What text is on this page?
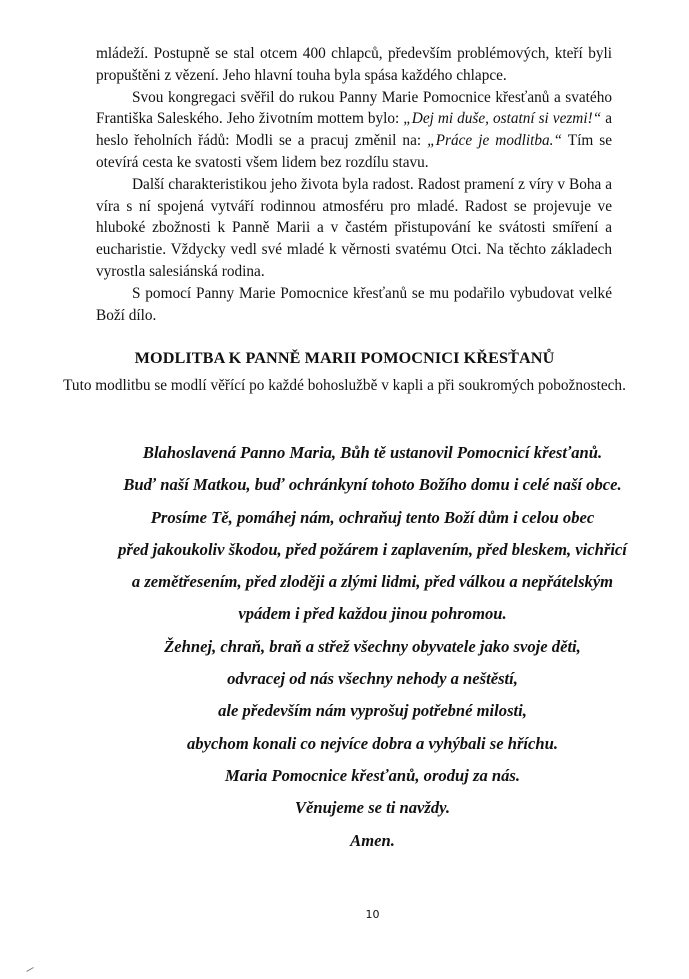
mládeží. Postupně se stal otcem 400 chlapců, především problémových, kteří byli propuštěni z vězení. Jeho hlavní touha byla spása každého chlapce.

Svou kongregaci svěřil do rukou Panny Marie Pomocnice křesťanů a svatého Františka Saleského. Jeho životním mottem bylo: „Dej mi duše, ostatní si vezmi!“ a heslo řeholních řádů: Modli se a pracuj změnil na: „Práce je modlitba.“ Tím se otevírá cesta ke svatosti všem lidem bez rozdílu stavu.

Další charakteristikou jeho života byla radost. Radost pramení z víry v Boha a víra s ní spojená vytváří rodinnou atmosféru pro mladé. Radost se projevuje ve hluboké zbožnosti k Panně Marii a v častém přistupování ke svátosti smíření a eucharistie. Vždycky vedl své mladé k věrnosti svatému Otci. Na těchto základech vyrostla salesiánská rodina.

S pomocí Panny Marie Pomocnice křesťanů se mu podařilo vybudovat velké Boží dílo.

MODLITBA K PANNĚ MARII POMOCNICI KŘESŤANŮ
Tuto modlitbu se modlí věřící po každé bohoslužbě v kapli a při soukromých pobožnostech.
Blahoslavená Panno Maria, Bůh tě ustanovil Pomocnicí křesťanů.
Buď naší Matkou, buď ochránkyní tohoto Božího domu i celé naší obce.
Prosíme Tě, pomáhej nám, ochraňuj tento Boží dům i celou obec
před jakoukoliv škodou, před požárem i zaplavením, před bleskem, vichřicí
a zemětřesením, před zloději a zlými lidmi, před válkou a nepřátelským
vpádem i před každou jinou pohromou.
Žehnej, chraň, braň a střež všechny obyvatele jako svoje děti,
odvracej od nás všechny nehody a neštěstí,
ale především nám vyprošuj potřebné milosti,
abychom konali co nejvíce dobra a vyhýbali se hříchu.
Maria Pomocnice křesťanů, oroduj za nás.
Věnujeme se ti navždy.
Amen.
10
